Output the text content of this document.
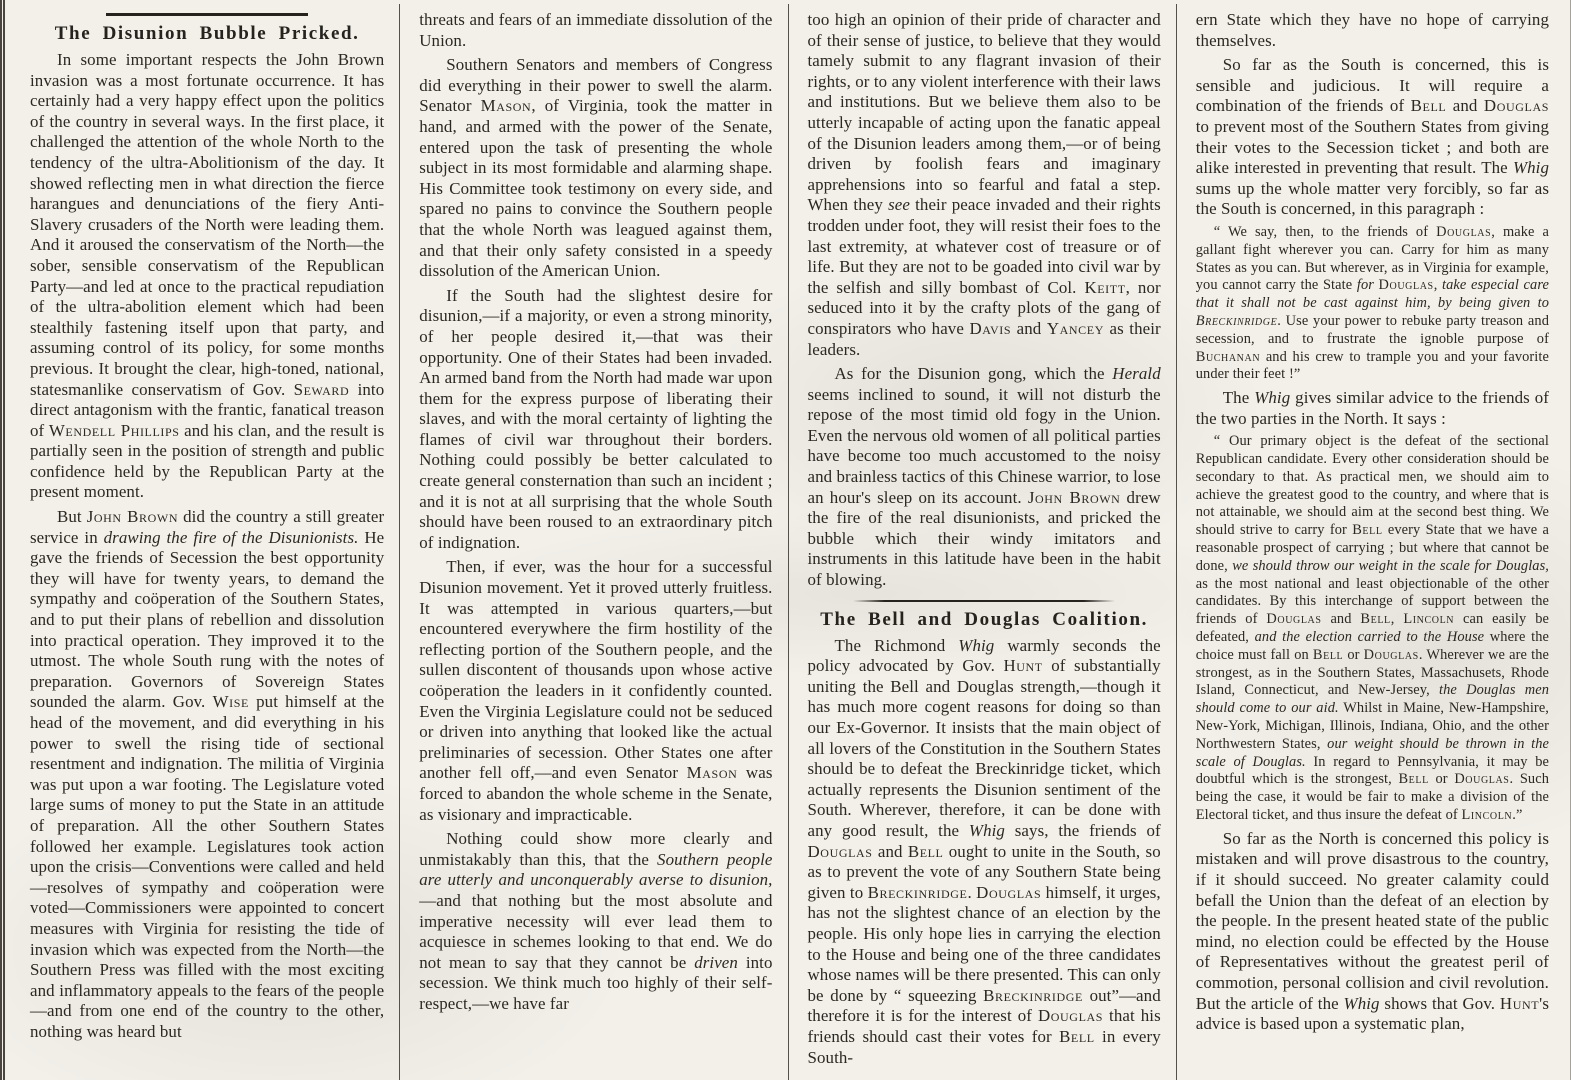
The Disunion Bubble Pricked.

In some important respects the John Brown invasion was a most fortunate occurrence. It has certainly had a very happy effect upon the politics of the country in several ways. In the first place, it challenged the attention of the whole North to the tendency of the ultra-Abolitionism of the day. It showed reflecting men in what direction the fierce harangues and denunciations of the fiery Anti-Slavery crusaders of the North were leading them. And it aroused the conservatism of the North—the sober, sensible conservatism of the Republican Party—and led at once to the practical repudiation of the ultra-abolition element which had been stealthily fastening itself upon that party, and assuming control of its policy, for some months previous. It brought the clear, high-toned, national, statesmanlike conservatism of Gov. Seward into direct antagonism with the frantic, fanatical treason of Wendell Phillips and his clan, and the result is partially seen in the position of strength and public confidence held by the Republican Party at the present moment.

But John Brown did the country a still greater service in drawing the fire of the Disunionists. He gave the friends of Secession the best opportunity they will have for twenty years, to demand the sympathy and coöperation of the Southern States, and to put their plans of rebellion and dissolution into practical operation. They improved it to the utmost. The whole South rung with the notes of preparation. Governors of Sovereign States sounded the alarm. Gov. Wise put himself at the head of the movement, and did everything in his power to swell the rising tide of sectional resentment and indignation. The militia of Virginia was put upon a war footing. The Legislature voted large sums of money to put the State in an attitude of preparation. All the other Southern States followed her example. Legislatures took action upon the crisis—Conventions were called and held—resolves of sympathy and coöperation were voted—Commissioners were appointed to concert measures with Virginia for resisting the tide of invasion which was expected from the North—the Southern Press was filled with the most exciting and inflammatory appeals to the fears of the people—and from one end of the country to the other, nothing was heard but

threats and fears of an immediate dissolution of the Union.

Southern Senators and members of Congress did everything in their power to swell the alarm. Senator Mason, of Virginia, took the matter in hand, and armed with the power of the Senate, entered upon the task of presenting the whole subject in its most formidable and alarming shape. His Committee took testimony on every side, and spared no pains to convince the Southern people that the whole North was leagued against them, and that their only safety consisted in a speedy dissolution of the American Union.

If the South had the slightest desire for disunion,—if a majority, or even a strong minority, of her people desired it,—that was their opportunity. One of their States had been invaded. An armed band from the North had made war upon them for the express purpose of liberating their slaves, and with the moral certainty of lighting the flames of civil war throughout their borders. Nothing could possibly be better calculated to create general consternation than such an incident ; and it is not at all surprising that the whole South should have been roused to an extraordinary pitch of indignation.

Then, if ever, was the hour for a successful Disunion movement. Yet it proved utterly fruitless. It was attempted in various quarters,—but encountered everywhere the firm hostility of the reflecting portion of the Southern people, and the sullen discontent of thousands upon whose active coöperation the leaders in it confidently counted. Even the Virginia Legislature could not be seduced or driven into anything that looked like the actual preliminaries of secession. Other States one after another fell off,—and even Senator Mason was forced to abandon the whole scheme in the Senate, as visionary and impracticable.

Nothing could show more clearly and unmistakably than this, that the Southern people are utterly and unconquerably averse to disunion,—and that nothing but the most absolute and imperative necessity will ever lead them to acquiesce in schemes looking to that end. We do not mean to say that they cannot be driven into secession. We think much too highly of their self-respect,—we have far

too high an opinion of their pride of character and of their sense of justice, to believe that they would tamely submit to any flagrant invasion of their rights, or to any violent interference with their laws and institutions. But we believe them also to be utterly incapable of acting upon the fanatic appeal of the Disunion leaders among them,—or of being driven by foolish fears and imaginary apprehensions into so fearful and fatal a step. When they see their peace invaded and their rights trodden under foot, they will resist their foes to the last extremity, at whatever cost of treasure or of life. But they are not to be goaded into civil war by the selfish and silly bombast of Col. Keitt, nor seduced into it by the crafty plots of the gang of conspirators who have Davis and Yancey as their leaders.

As for the Disunion gong, which the Herald seems inclined to sound, it will not disturb the repose of the most timid old fogy in the Union. Even the nervous old women of all political parties have become too much accustomed to the noisy and brainless tactics of this Chinese warrior, to lose an hour's sleep on its account. John Brown drew the fire of the real disunionists, and pricked the bubble which their windy imitators and instruments in this latitude have been in the habit of blowing.

The Bell and Douglas Coalition.

The Richmond Whig warmly seconds the policy advocated by Gov. Hunt of substantially uniting the Bell and Douglas strength,—though it has much more cogent reasons for doing so than our Ex-Governor. It insists that the main object of all lovers of the Constitution in the Southern States should be to defeat the Breckinridge ticket, which actually represents the Disunion sentiment of the South. Wherever, therefore, it can be done with any good result, the Whig says, the friends of Douglas and Bell ought to unite in the South, so as to prevent the vote of any Southern State being given to Breckinridge. Douglas himself, it urges, has not the slightest chance of an election by the people. His only hope lies in carrying the election to the House and being one of the three candidates whose names will be there presented. This can only be done by “ squeezing Breckinridge out”—and therefore it is for the interest of Douglas that his friends should cast their votes for Bell in every South-

ern State which they have no hope of carrying themselves.

So far as the South is concerned, this is sensible and judicious. It will require a combination of the friends of Bell and Douglas to prevent most of the Southern States from giving their votes to the Secession ticket ; and both are alike interested in preventing that result. The Whig sums up the whole matter very forcibly, so far as the South is concerned, in this paragraph :

“ We say, then, to the friends of Douglas, make a gallant fight wherever you can. Carry for him as many States as you can. But wherever, as in Virginia for example, you cannot carry the State for Douglas, take especial care that it shall not be cast against him, by being given to Breckinridge. Use your power to rebuke party treason and secession, and to frustrate the ignoble purpose of Buchanan and his crew to trample you and your favorite under their feet !”

The Whig gives similar advice to the friends of the two parties in the North. It says :

“ Our primary object is the defeat of the sectional Republican candidate. Every other consideration should be secondary to that. As practical men, we should aim to achieve the greatest good to the country, and where that is not attainable, we should aim at the second best thing. We should strive to carry for Bell every State that we have a reasonable prospect of carrying ; but where that cannot be done, we should throw our weight in the scale for Douglas, as the most national and least objectionable of the other candidates. By this interchange of support between the friends of Douglas and Bell, Lincoln can easily be defeated, and the election carried to the House where the choice must fall on Bell or Douglas. Wherever we are the strongest, as in the Southern States, Massachusets, Rhode Island, Connecticut, and New-Jersey, the Douglas men should come to our aid. Whilst in Maine, New-Hampshire, New-York, Michigan, Illinois, Indiana, Ohio, and the other Northwestern States, our weight should be thrown in the scale of Douglas. In regard to Pennsylvania, it may be doubtful which is the strongest, Bell or Douglas. Such being the case, it would be fair to make a division of the Electoral ticket, and thus insure the defeat of Lincoln.”

So far as the North is concerned this policy is mistaken and will prove disastrous to the country, if it should succeed. No greater calamity could befall the Union than the defeat of an election by the people. In the present heated state of the public mind, no election could be effected by the House of Representatives without the greatest peril of commotion, personal collision and civil revolution. But the article of the Whig shows that Gov. Hunt's advice is based upon a systematic plan,
